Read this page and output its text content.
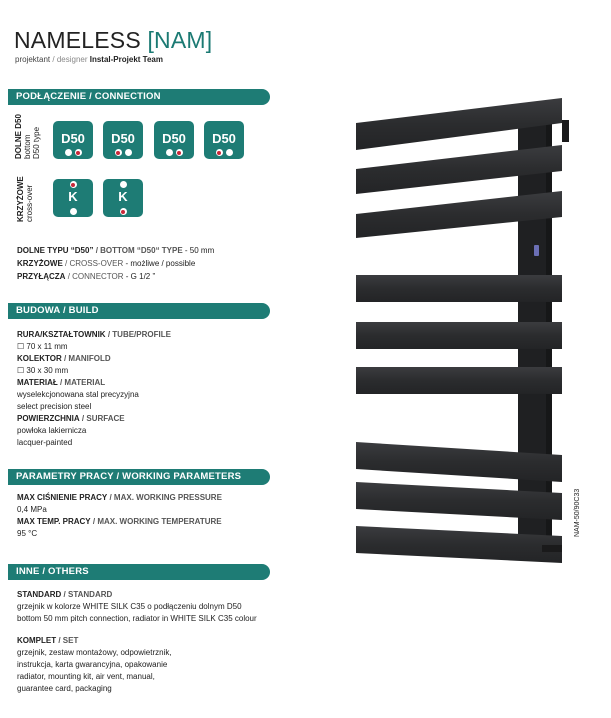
NAMELESS [NAM]
projektant / designer Instal-Projekt Team
PODŁĄCZENIE / CONNECTION
DOLNE D50 bottom D50 type	D50	D50	D50	D50
KRZYŻOWE cross-over	K	K
DOLNE TYPU “D50” / BOTTOM “D50“ TYPE - 50 mm
KRZYŻOWE / CROSS-OVER - możliwe / possible
PRZYŁĄCZA / CONNECTOR - G 1/2 ”
BUDOWA / BUILD
RURA/KSZTAŁTOWNIK / TUBE/PROFILE
☐ 70 x 11 mm
KOLEKTOR / MANIFOLD
☐ 30 x 30 mm
MATERIAŁ / MATERIAL
wyselekcjonowana stal precyzyjna
select precision steel
POWIERZCHNIA / SURFACE
powłoka lakiernicza
lacquer-painted
PARAMETRY PRACY / WORKING PARAMETERS
MAX CIŚNIENIE PRACY / MAX. WORKING PRESSURE
0,4 MPa
MAX TEMP. PRACY / MAX. WORKING TEMPERATURE
95 °C
INNE / OTHERS
STANDARD / STANDARD
grzejnik w kolorze WHITE SILK C35 o podłączeniu dolnym D50
bottom 50 mm pitch connection, radiator in WHITE SILK C35 colour
KOMPLET / SET
grzejnik, zestaw montażowy, odpowietrznik,
instrukcja, karta gwarancyjna, opakowanie
radiator, mounting kit, air vent, manual,
guarantee card, packaging
NAM-50/90C33
